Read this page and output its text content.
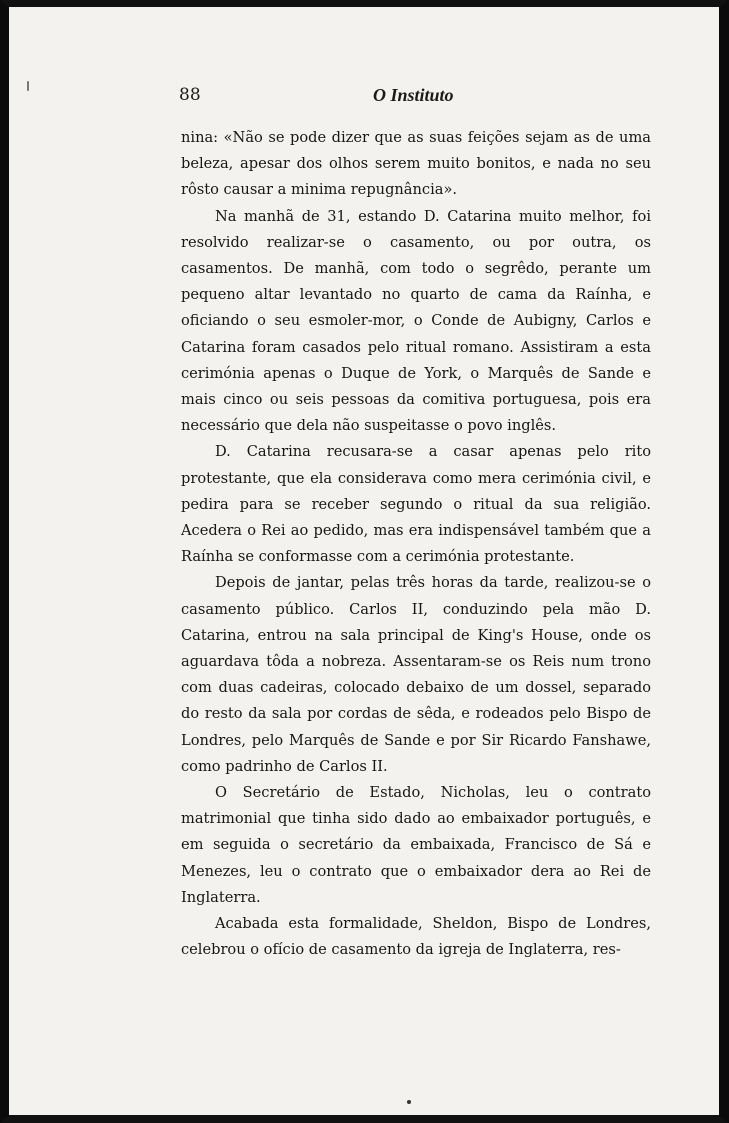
88	O Instituto

nina: «Não se pode dizer que as suas feições sejam as de uma beleza, apesar dos olhos serem muito bonitos, e nada no seu rôsto causar a minima repugnância».

Na manhã de 31, estando D. Catarina muito melhor, foi resolvido realizar-se o casamento, ou por outra, os casamentos. De manhã, com todo o segrêdo, perante um pequeno altar levantado no quarto de cama da Raínha, e oficiando o seu esmoler-mor, o Conde de Aubigny, Carlos e Catarina foram casados pelo ritual romano. Assistiram a esta cerimónia apenas o Duque de York, o Marquês de Sande e mais cinco ou seis pessoas da comitiva portuguesa, pois era necessário que dela não suspeitasse o povo inglês.

D. Catarina recusara-se a casar apenas pelo rito protestante, que ela considerava como mera cerimónia civil, e pedira para se receber segundo o ritual da sua religião. Acedera o Rei ao pedido, mas era indispensável também que a Raínha se conformasse com a cerimónia protestante.

Depois de jantar, pelas três horas da tarde, realizou-se o casamento público. Carlos II, conduzindo pela mão D. Catarina, entrou na sala principal de King's House, onde os aguardava tôda a nobreza. Assentaram-se os Reis num trono com duas cadeiras, colocado debaixo de um dossel, separado do resto da sala por cordas de sêda, e rodeados pelo Bispo de Londres, pelo Marquês de Sande e por Sir Ricardo Fanshawe, como padrinho de Carlos II.

O Secretário de Estado, Nicholas, leu o contrato matrimonial que tinha sido dado ao embaixador português, e em seguida o secretário da embaixada, Francisco de Sá e Menezes, leu o contrato que o embaixador dera ao Rei de Inglaterra.

Acabada esta formalidade, Sheldon, Bispo de Londres, celebrou o ofício de casamento da igreja de Inglaterra, res-
